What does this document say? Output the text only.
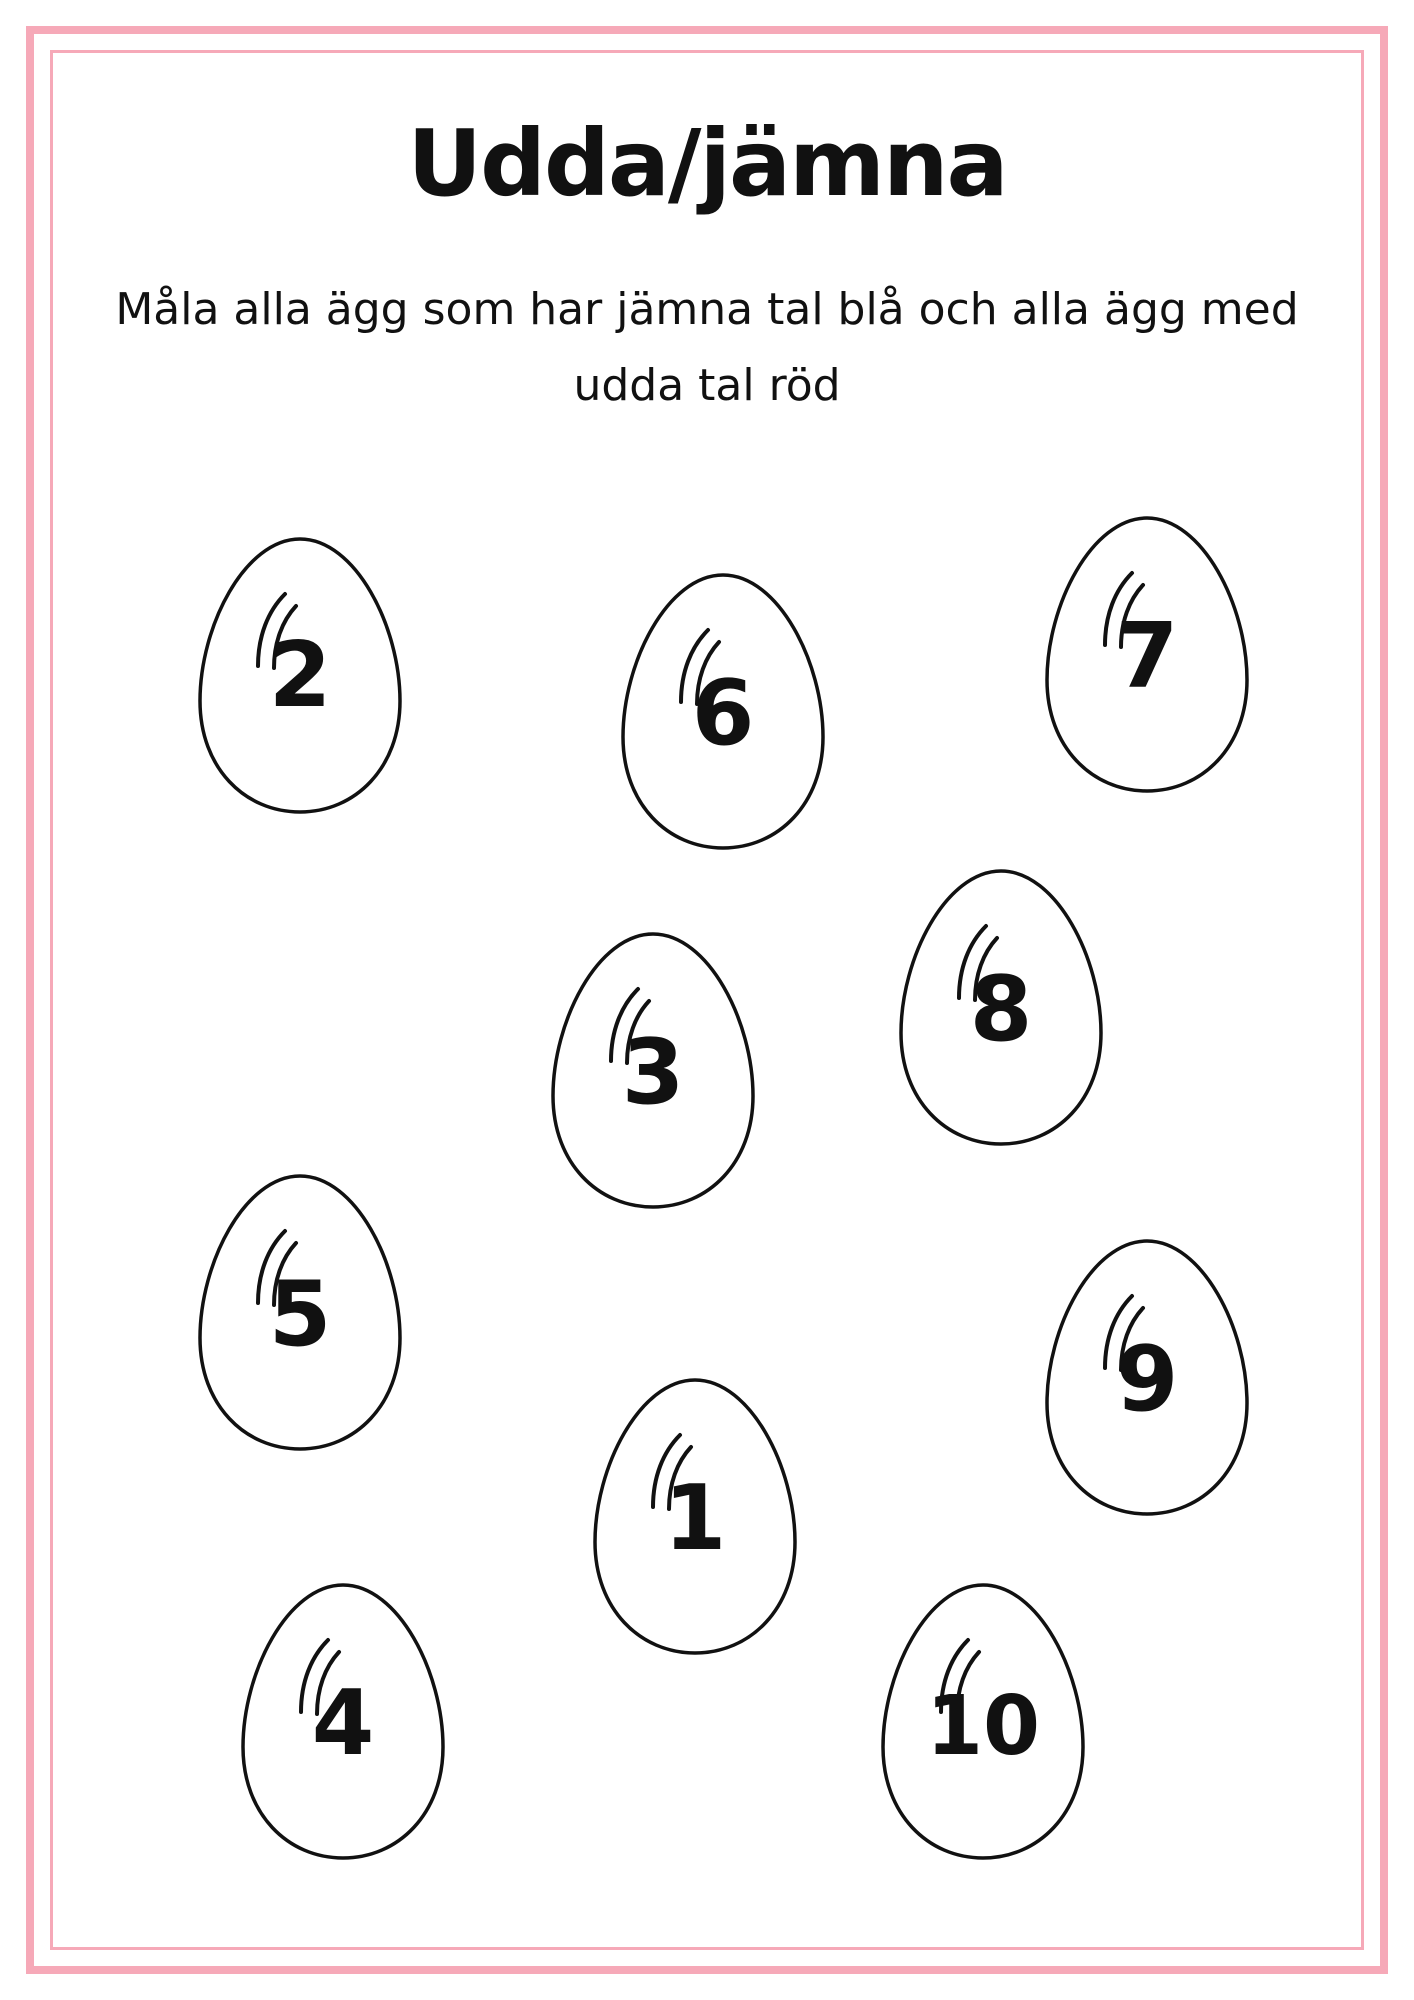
Udda/jämna
Måla alla ägg som har jämna tal blå och alla ägg med udda tal röd
2	6
7
3
8
5
9
1
4	10
